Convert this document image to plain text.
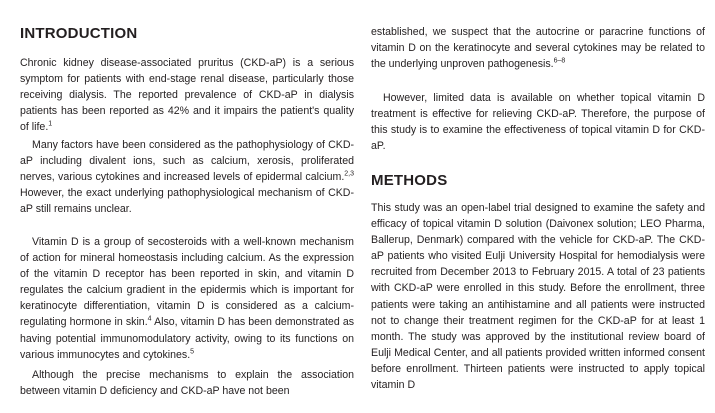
INTRODUCTION

Chronic kidney disease-associated pruritus (CKD-aP) is a serious symptom for patients with end-stage renal disease, particularly those receiving dialysis. The reported prevalence of CKD-aP in dialysis patients has been reported as 42% and it impairs the patient's quality of life.$^1$

Many factors have been considered as the pathophysiology of CKD-aP including divalent ions, such as calcium, xerosis, proliferated nerves, various cytokines and increased levels of epidermal calcium.$^{2,3}$ However, the exact underlying pathophysiological mechanism of CKD-aP still remains unclear.

Vitamin D is a group of secosteroids with a well-known mechanism of action for mineral homeostasis including calcium. As the expression of the vitamin D receptor has been reported in skin, and vitamin D regulates the calcium gradient in the epidermis which is important for keratinocyte differentiation, vitamin D is considered as a calcium-regulating hormone in skin.$^4$ Also, vitamin D has been demonstrated as having potential immunomodulatory activity, owing to its functions on various immunocytes and cytokines.$^5$

Although the precise mechanisms to explain the association between vitamin D deficiency and CKD-aP have not been

established, we suspect that the autocrine or paracrine functions of vitamin D on the keratinocyte and several cytokines may be related to the underlying unproven pathogenesis.$^{6-8}$

However, limited data is available on whether topical vitamin D treatment is effective for relieving CKD-aP. Therefore, the purpose of this study is to examine the effectiveness of topical vitamin D for CKD-aP.

METHODS

This study was an open-label trial designed to examine the safety and efficacy of topical vitamin D solution (Daivonex solution; LEO Pharma, Ballerup, Denmark) compared with the vehicle for CKD-aP. The CKD-aP patients who visited Eulji University Hospital for hemodialysis were recruited from December 2013 to February 2015. A total of 23 patients with CKD-aP were enrolled in this study. Before the enrollment, three patients were taking an antihistamine and all patients were instructed not to change their treatment regimen for the CKD-aP for at least 1 month. The study was approved by the institutional review board of Eulji Medical Center, and all patients provided written informed consent before enrollment. Thirteen patients were instructed to apply topical vitamin D
